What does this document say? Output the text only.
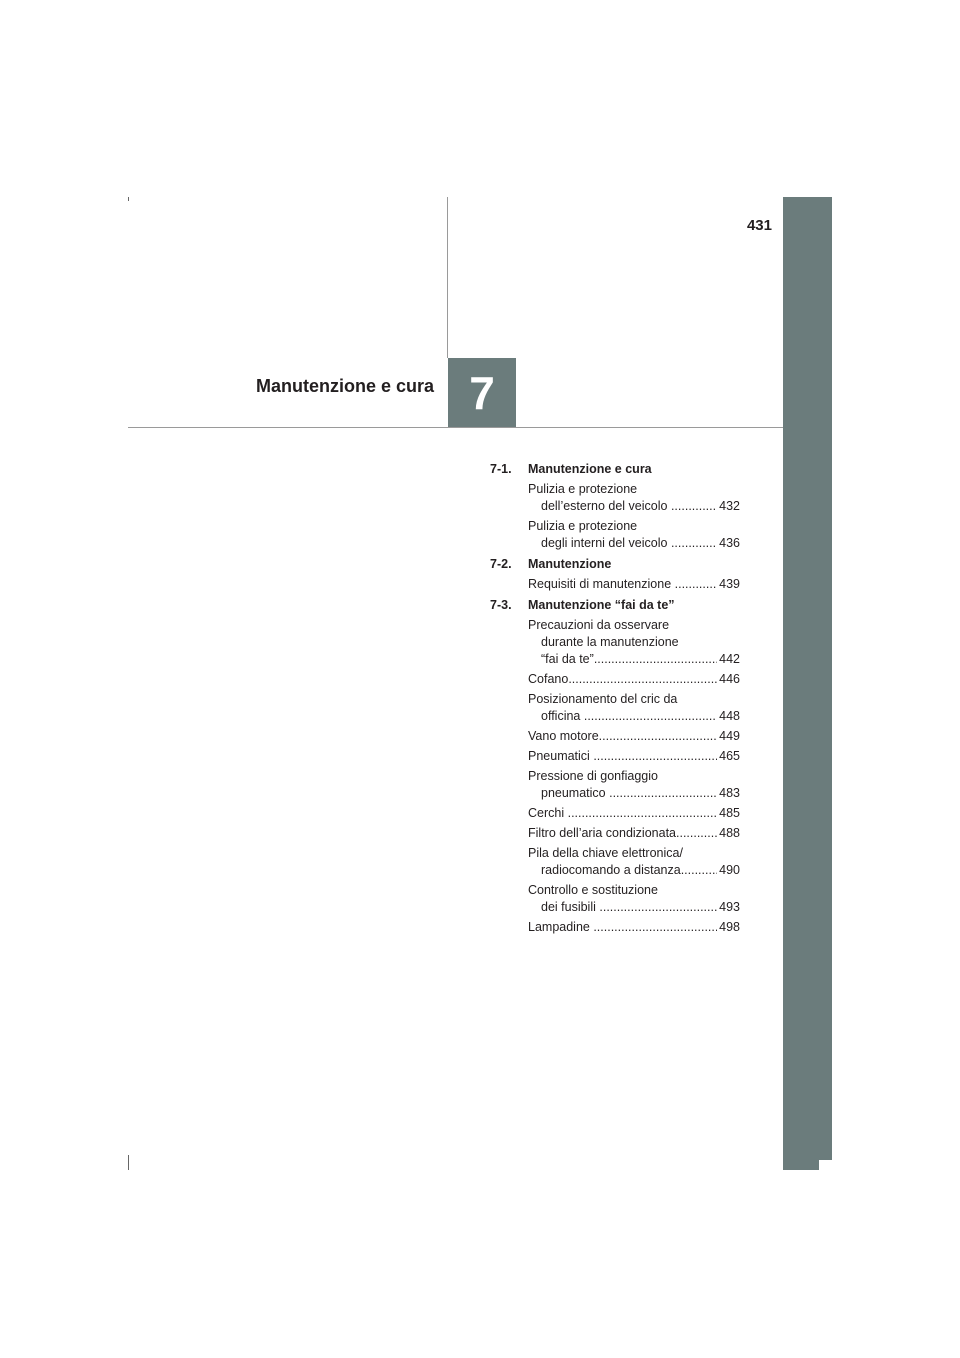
431
Manutenzione e cura 7
7-1.	Manutenzione e cura
Pulizia e protezione
dell’esterno del veicolo .....	432
Pulizia e protezione
degli interni del veicolo .....	436
7-2.	Manutenzione
Requisiti di manutenzione .....	439
7-3.	Manutenzione “fai da te”
Precauzioni da osservare
durante la manutenzione
“fai da te” .....	442
Cofano .....	446
Posizionamento del cric da
officina .....	448
Vano motore .....	449
Pneumatici .....	465
Pressione di gonfiaggio
pneumatico .....	483
Cerchi .....	485
Filtro dell’aria condizionata .....	488
Pila della chiave elettronica/
radiocomando a distanza .....	490
Controllo e sostituzione
dei fusibili .....	493
Lampadine .....	498
